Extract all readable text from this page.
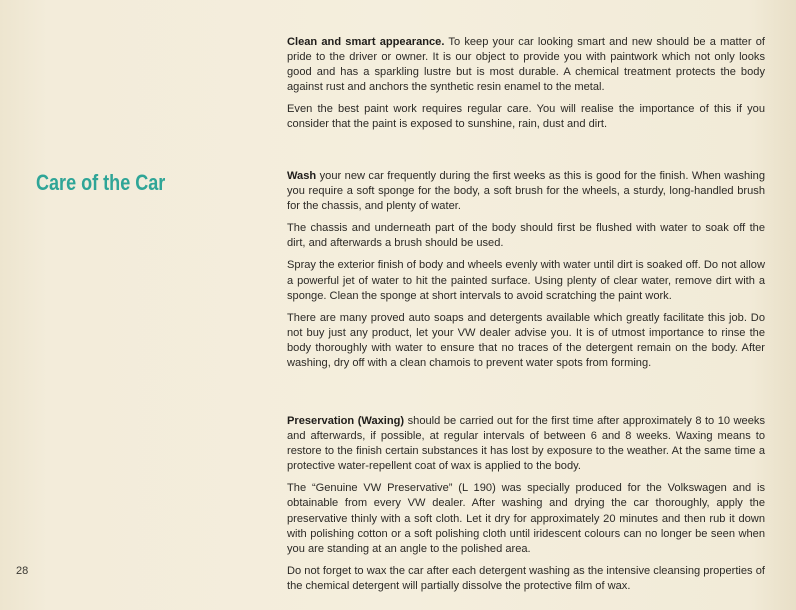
Care of the Car

Clean and smart appearance. To keep your car looking smart and new should be a matter of pride to the driver or owner. It is our object to provide you with paintwork which not only looks good and has a sparkling lustre but is most durable. A chemical treatment protects the body against rust and anchors the synthetic resin enamel to the metal.

Even the best paint work requires regular care. You will realise the importance of this if you consider that the paint is exposed to sunshine, rain, dust and dirt.

Wash your new car frequently during the first weeks as this is good for the finish. When washing you require a soft sponge for the body, a soft brush for the wheels, a sturdy, long-handled brush for the chassis, and plenty of water.

The chassis and underneath part of the body should first be flushed with water to soak off the dirt, and afterwards a brush should be used.

Spray the exterior finish of body and wheels evenly with water until dirt is soaked off. Do not allow a powerful jet of water to hit the painted surface. Using plenty of clear water, remove dirt with a sponge. Clean the sponge at short intervals to avoid scratching the paint work.

There are many proved auto soaps and detergents available which greatly facilitate this job. Do not buy just any product, let your VW dealer advise you. It is of utmost importance to rinse the body thoroughly with water to ensure that no traces of the detergent remain on the body. After washing, dry off with a clean chamois to prevent water spots from forming.

Preservation (Waxing) should be carried out for the first time after approximately 8 to 10 weeks and afterwards, if possible, at regular intervals of between 6 and 8 weeks. Waxing means to restore to the finish certain substances it has lost by exposure to the weather. At the same time a protective water-repellent coat of wax is applied to the body.

The “Genuine VW Preservative” (L 190) was specially produced for the Volkswagen and is obtainable from every VW dealer. After washing and drying the car thoroughly, apply the preservative thinly with a soft cloth. Let it dry for approximately 20 minutes and then rub it down with polishing cotton or a soft polishing cloth until iridescent colours can no longer be seen when you are standing at an angle to the polished area.

Do not forget to wax the car after each detergent washing as the intensive cleansing properties of the chemical detergent will partially dissolve the protective film of wax.

28
